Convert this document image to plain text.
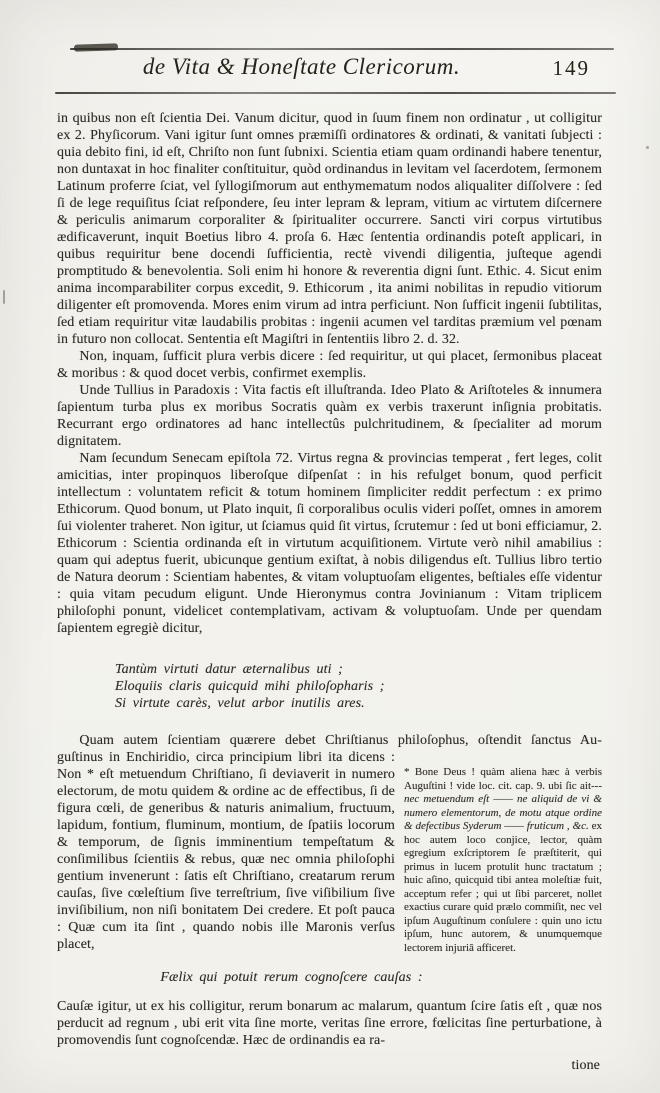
de Vita & Honeſtate Clericorum.	149

in quibus non eſt ſcientia Dei. Vanum dicitur, quod in ſuum finem non ordinatur , ut colligitur ex 2. Phyſicorum. Vani igitur ſunt omnes præmiſſi ordinatores & ordinati, & vanitati ſubjecti : quia debito fini, id eſt, Chriſto non ſunt ſubnixi. Scientia etiam quam ordinandi habere tenentur, non duntaxat in hoc finaliter conſtituitur, quòd ordinandus in levitam vel ſacerdotem, ſermonem Latinum proferre ſciat, vel ſyllogiſmorum aut enthymematum nodos aliqualiter diſſolvere : ſed ſi de lege requiſitus ſciat reſpondere, ſeu inter lepram & lepram, vitium ac virtutem diſcernere & periculis animarum corporaliter & ſpiritualiter occurrere. Sancti viri corpus virtutibus ædificaverunt, inquit Boetius libro 4. proſa 6. Hæc ſententia ordinandis poteſt applicari, in quibus requiritur bene docendi ſufficientia, rectè vivendi diligentia, juſteque agendi promptitudo & benevolentia. Soli enim hi honore & reverentia digni ſunt. Ethic. 4. Sicut enim anima incomparabiliter corpus excedit, 9. Ethicorum , ita animi nobilitas in repudio vitiorum diligenter eſt promovenda. Mores enim virum ad intra perficiunt. Non ſufficit ingenii ſubtilitas, ſed etiam requiritur vitæ laudabilis probitas : ingenii acumen vel tarditas præmium vel pœnam in futuro non collocat. Sententia eſt Magiſtri in ſententiis libro 2. d. 32.

Non, inquam, ſufficit plura verbis dicere : ſed requiritur, ut qui placet, ſermonibus placeat & moribus : & quod docet verbis, confirmet exemplis.

Unde Tullius in Paradoxis : Vita factis eſt illuſtranda. Ideo Plato & Ariſtoteles & innumera ſapientum turba plus ex moribus Socratis quàm ex verbis traxerunt inſignia probitatis. Recurrant ergo ordinatores ad hanc intellectûs pulchritudinem, & ſpecialiter ad morum dignitatem.

Nam ſecundum Senecam epiſtola 72. Virtus regna & provincias temperat , fert leges, colit amicitias, inter propinquos liberoſque diſpenſat : in his refulget bonum, quod perficit intellectum : voluntatem reficit & totum hominem ſimpliciter reddit perfectum : ex primo Ethicorum. Quod bonum, ut Plato inquit, ſi corporalibus oculis videri poſſet, omnes in amorem ſui violenter traheret. Non igitur, ut ſciamus quid ſit virtus, ſcrutemur : ſed ut boni efficiamur, 2. Ethicorum : Scientia ordinanda eſt in virtutum acquiſitionem. Virtute verò nihil amabilius : quam qui adeptus fuerit, ubicunque gentium exiſtat, à nobis diligendus eſt. Tullius libro tertio de Natura deorum : Scientiam habentes, & vitam voluptuoſam eligentes, beſtiales eſſe videntur : quia vitam pecudum eligunt. Unde Hieronymus contra Jovinianum : Vitam triplicem philoſophi ponunt, videlicet contemplativam, activam & voluptuoſam. Unde per quendam ſapientem egregiè dicitur,

Tantùm virtuti datur æternalibus uti ;
Eloquiis claris quicquid mihi philoſopharis ;
Si virtute carès, velut arbor inutilis ares.
Quam autem ſcientiam quærere debet Chriſtianus philoſophus, oſtendit ſanctus Au-
guſtinus in Enchiridio, circa principium libri ita dicens : Non * eſt metuendum Chriſtiano, ſi deviaverit in numero electorum, de motu quidem & ordine ac de effectibus, ſi de figura cœli, de generibus & naturis animalium, fructuum, lapidum, fontium, fluminum, montium, de ſpatiis locorum & temporum, de ſignis imminentium tempeſtatum & conſimilibus ſcientiis & rebus, quæ nec omnia philoſophi gentium invenerunt : ſatis eſt Chriſtiano, creatarum rerum cauſas, ſive cœleſtium ſive terreſtrium, ſive viſibilium ſive inviſibilium, non niſi bonitatem Dei credere. Et poſt pauca : Quæ cum ita ſint , quando nobis ille Maronis verſus placet,
* Bone Deus ! quàm aliena hæc à verbis Auguſtini ! vide loc. cit. cap. 9. ubi ſic ait---nec metuendum eſt —— ne aliquid de vi & numero elementorum, de motu atque ordine & defectibus Syderum —— fruticum , &c. ex hoc autem loco conjice, lector, quàm egregium exſcriptorem ſe præſtiterit, qui primus in lucem protulit hunc tractatum ; huic aſino, quicquid tibi antea moleſtiæ fuit, acceptum refer ; qui ut ſibi parceret, nollet exactius curare quid prælo commiſit, nec vel ipſum Auguſtinum conſulere : quin uno ictu ipſum, hunc autorem, & unumquemque lectorem injuriâ afficeret.
Fælix qui potuit rerum cognoſcere cauſas :

Cauſæ igitur, ut ex his colligitur, rerum bonarum ac malarum, quantum ſcire ſatis eſt , quæ nos perducit ad regnum , ubi erit vita ſine morte, veritas ſine errore, fœlicitas ſine perturbatione, à promovendis ſunt cognoſcendæ. Hæc de ordinandis ea ra-

tione
